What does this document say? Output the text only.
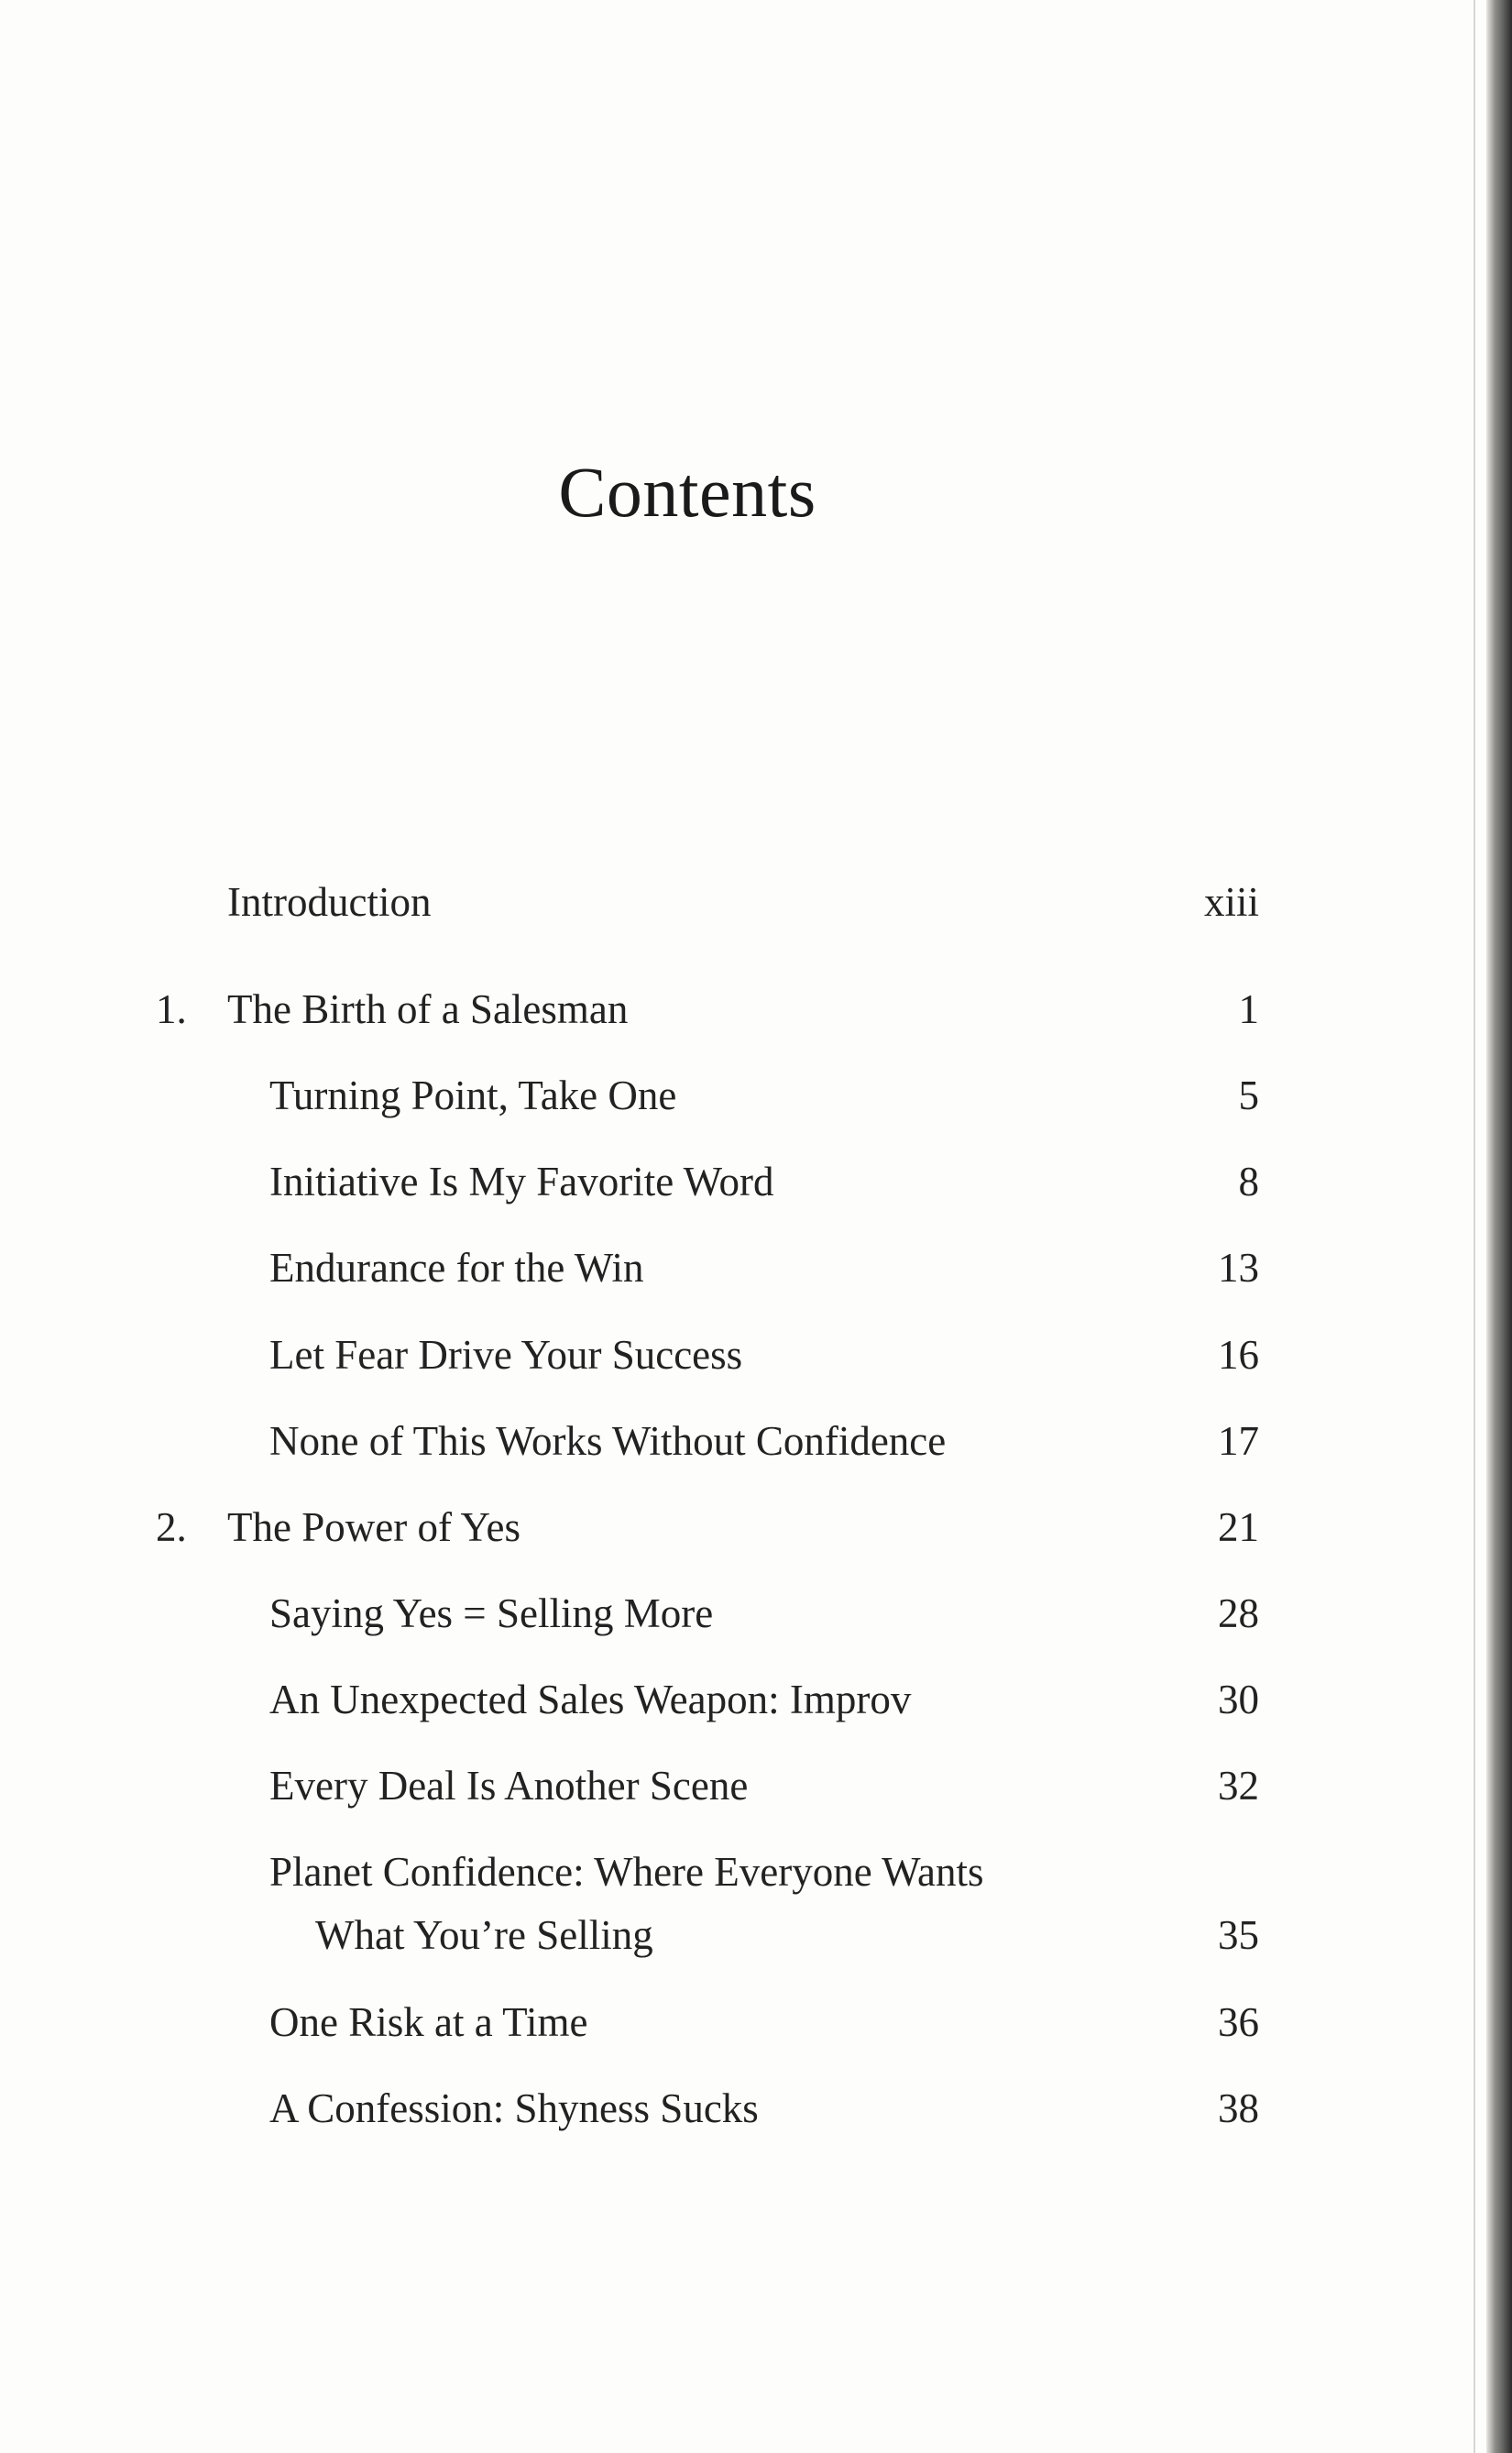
Contents
Introduction	xiii
1. The Birth of a Salesman	1
Turning Point, Take One	5
Initiative Is My Favorite Word	8
Endurance for the Win	13
Let Fear Drive Your Success	16
None of This Works Without Confidence	17
2. The Power of Yes	21
Saying Yes = Selling More	28
An Unexpected Sales Weapon: Improv	30
Every Deal Is Another Scene	32
Planet Confidence: Where Everyone Wants
What You’re Selling	35
One Risk at a Time	36
A Confession: Shyness Sucks	38
